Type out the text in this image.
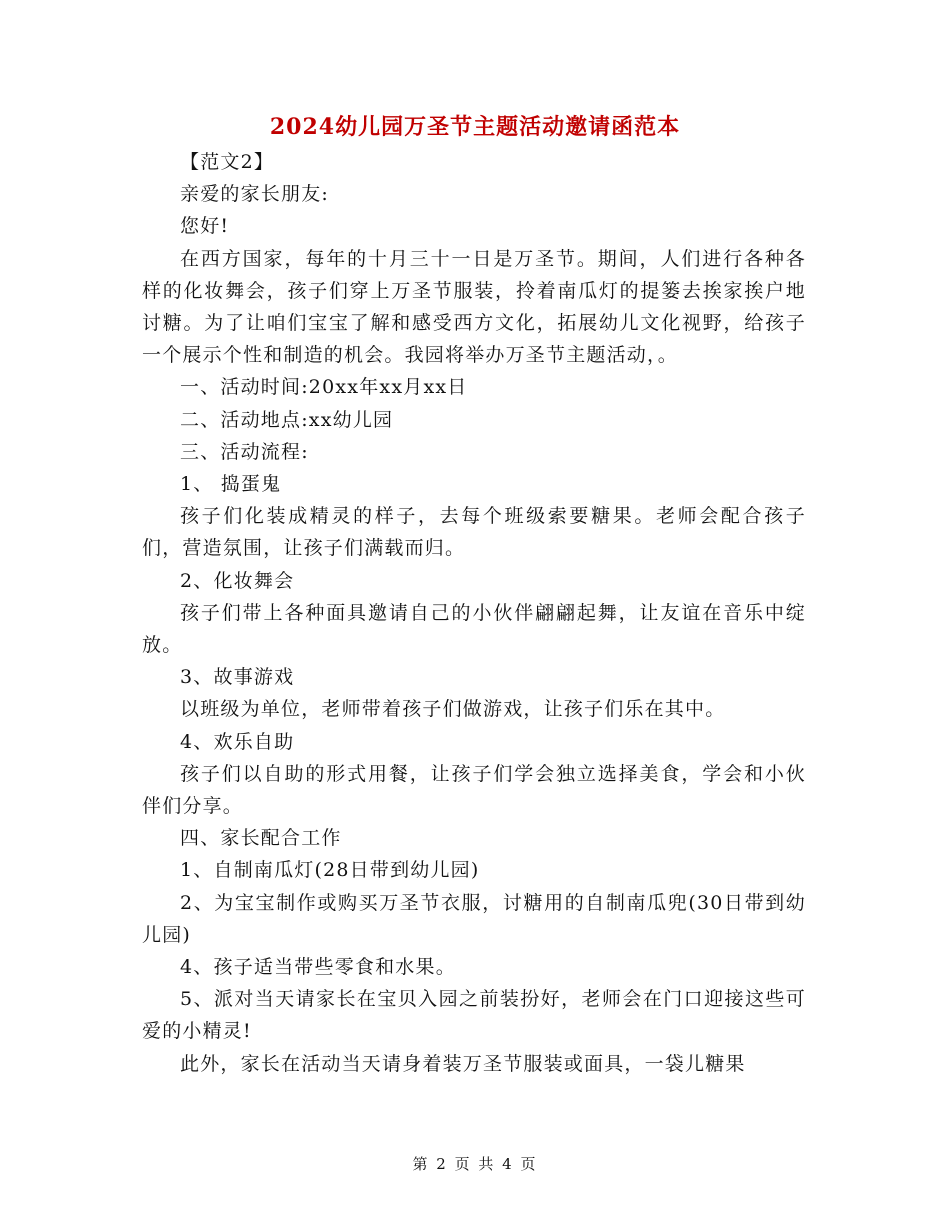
2024幼儿园万圣节主题活动邀请函范本

【范文2】

亲爱的家长朋友:

您好!

在西方国家，每年的十月三十一日是万圣节。期间，人们进行各种各样的化妆舞会，孩子们穿上万圣节服装，拎着南瓜灯的提篓去挨家挨户地讨糖。为了让咱们宝宝了解和感受西方文化，拓展幼儿文化视野，给孩子一个展示个性和制造的机会。我园将举办万圣节主题活动，。

一、活动时间:20xx年xx月xx日

二、活动地点:xx幼儿园

三、活动流程:

1、 捣蛋鬼

孩子们化装成精灵的样子，去每个班级索要糖果。老师会配合孩子们，营造氛围，让孩子们满载而归。

2、化妆舞会

孩子们带上各种面具邀请自己的小伙伴翩翩起舞，让友谊在音乐中绽放。

3、故事游戏

以班级为单位，老师带着孩子们做游戏，让孩子们乐在其中。

4、欢乐自助

孩子们以自助的形式用餐，让孩子们学会独立选择美食，学会和小伙伴们分享。

四、家长配合工作

1、自制南瓜灯(28日带到幼儿园)

2、为宝宝制作或购买万圣节衣服，讨糖用的自制南瓜兜(30日带到幼儿园)

4、孩子适当带些零食和水果。

5、派对当天请家长在宝贝入园之前装扮好，老师会在门口迎接这些可爱的小精灵!

此外，家长在活动当天请身着装万圣节服装或面具，一袋儿糖果

第 2 页 共 4 页
